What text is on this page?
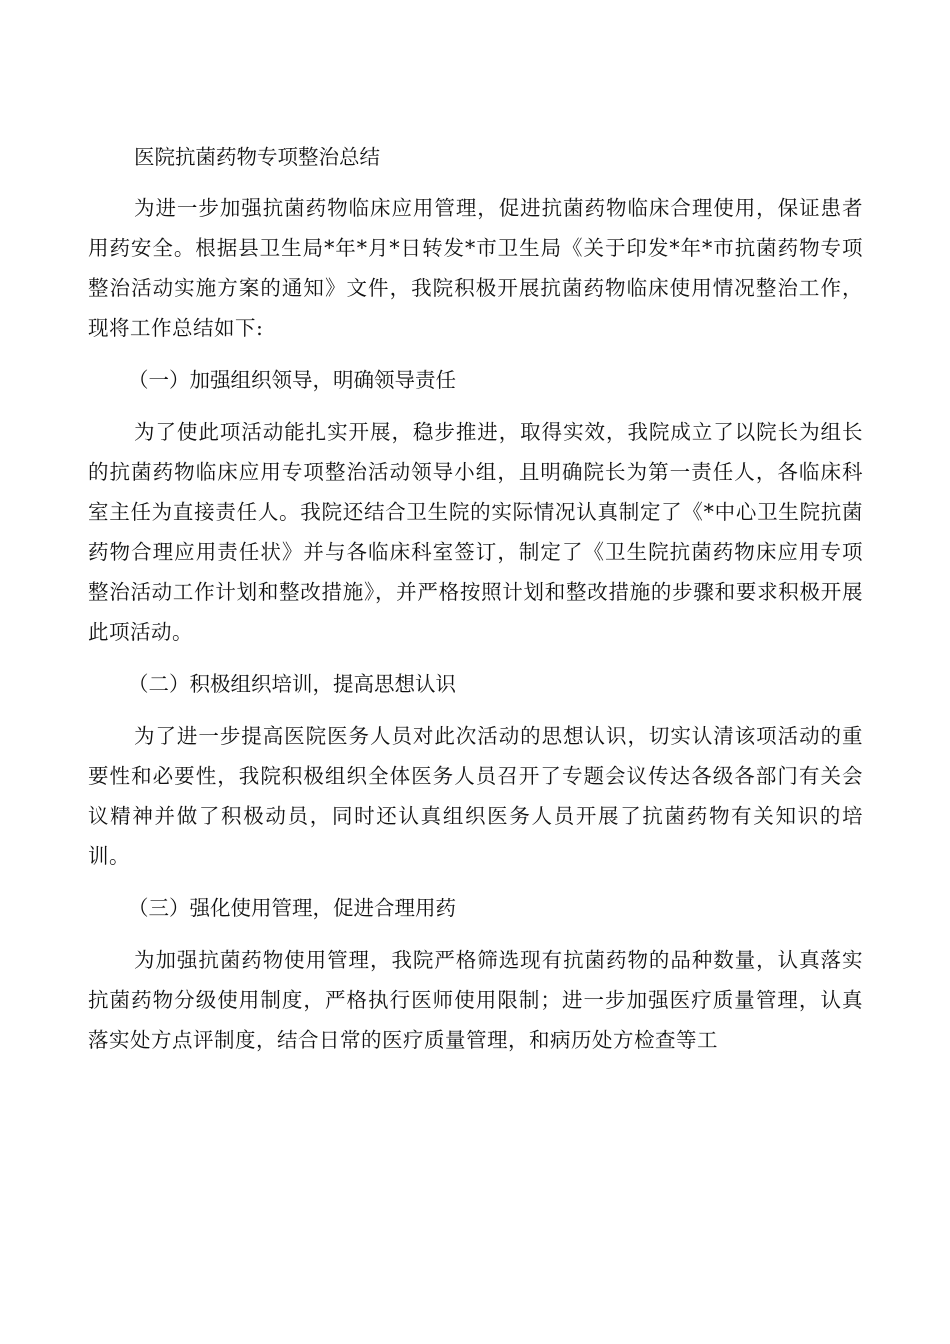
医院抗菌药物专项整治总结

为进一步加强抗菌药物临床应用管理，促进抗菌药物临床合理使用，保证患者用药安全。根据县卫生局*年*月*日转发*市卫生局《关于印发*年*市抗菌药物专项整治活动实施方案的通知》文件，我院积极开展抗菌药物临床使用情况整治工作，现将工作总结如下:

（一）加强组织领导，明确领导责任

为了使此项活动能扎实开展，稳步推进，取得实效，我院成立了以院长为组长的抗菌药物临床应用专项整治活动领导小组，且明确院长为第一责任人，各临床科室主任为直接责任人。我院还结合卫生院的实际情况认真制定了《*中心卫生院抗菌药物合理应用责任状》并与各临床科室签订，制定了《卫生院抗菌药物床应用专项整治活动工作计划和整改措施》，并严格按照计划和整改措施的步骤和要求积极开展此项活动。

（二）积极组织培训，提高思想认识

为了进一步提高医院医务人员对此次活动的思想认识，切实认清该项活动的重要性和必要性，我院积极组织全体医务人员召开了专题会议传达各级各部门有关会议精神并做了积极动员，同时还认真组织医务人员开展了抗菌药物有关知识的培训。

（三）强化使用管理，促进合理用药

为加强抗菌药物使用管理，我院严格筛选现有抗菌药物的品种数量，认真落实抗菌药物分级使用制度，严格执行医师使用限制；进一步加强医疗质量管理，认真落实处方点评制度，结合日常的医疗质量管理，和病历处方检查等工
